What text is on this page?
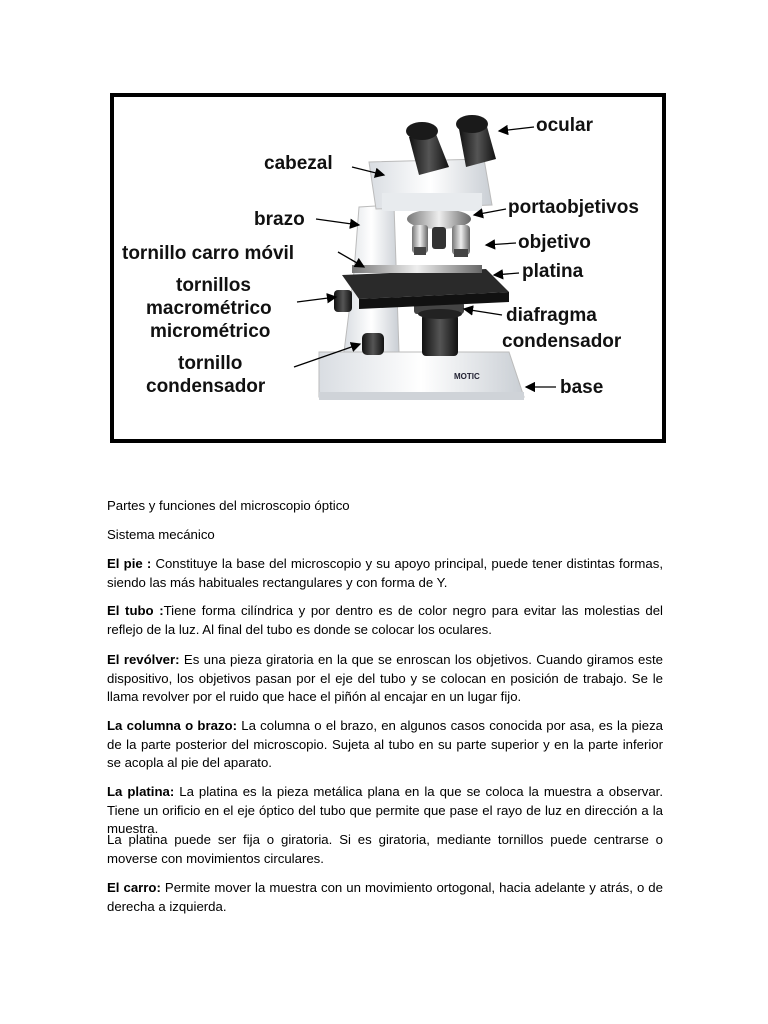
MOTIC
cabezal
brazo
tornillo carro móvil
tornillos
macrométrico
micrométrico
tornillo
condensador
ocular
portaobjetivos
objetivo
platina
diafragma
condensador
base

Partes y funciones del microscopio óptico

Sistema mecánico

El pie : Constituye la base del microscopio y su apoyo principal, puede tener distintas formas, siendo las más habituales rectangulares y con forma de Y.

El tubo :Tiene forma cilíndrica y por dentro es de color negro para evitar las molestias del reflejo de la luz. Al final del tubo es donde se colocar los oculares.

El revólver: Es una pieza giratoria en la que se enroscan los objetivos. Cuando giramos este dispositivo, los objetivos pasan por el eje del tubo y se colocan en posición de trabajo. Se le llama revolver por el ruido que hace el piñón al encajar en un lugar fijo.

La columna o brazo: La columna o el brazo, en algunos casos conocida por asa, es la pieza de la parte posterior del microscopio. Sujeta al tubo en su parte superior y en la parte inferior se acopla al pie del aparato.

La platina: La platina es la pieza metálica plana en la que se coloca la muestra a observar. Tiene un orificio en el eje óptico del tubo que permite que pase el rayo de luz en dirección a la muestra.

La platina puede ser fija o giratoria. Si es giratoria, mediante tornillos puede centrarse o moverse con movimientos circulares.

El carro: Permite mover la muestra con un movimiento ortogonal, hacia adelante y atrás, o de derecha a izquierda.
